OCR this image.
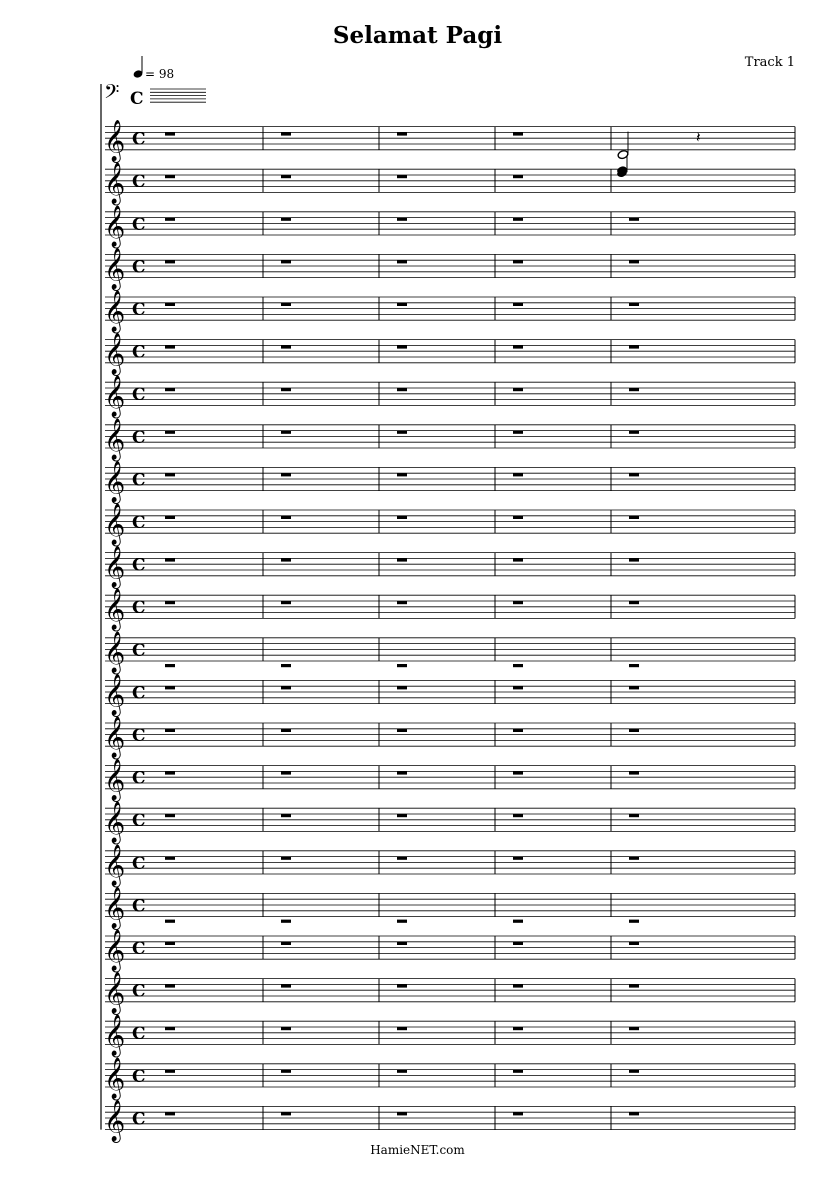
Selamat Pagi
Track 1
HamieNET.com
𝄢 C
= 98
𝄞 C	𝄽
𝄞 C
𝄞 C
𝄞 C
𝄞 C
𝄞 C
𝄞 C
𝄞 C
𝄞 C
𝄞 C
𝄞 C
𝄞 C
𝄞 C
𝄞 C
𝄞 C
𝄞 C
𝄞 C
𝄞 C
𝄞 C
𝄞 C
𝄞 C
𝄞 C
𝄞 C
𝄞 C
